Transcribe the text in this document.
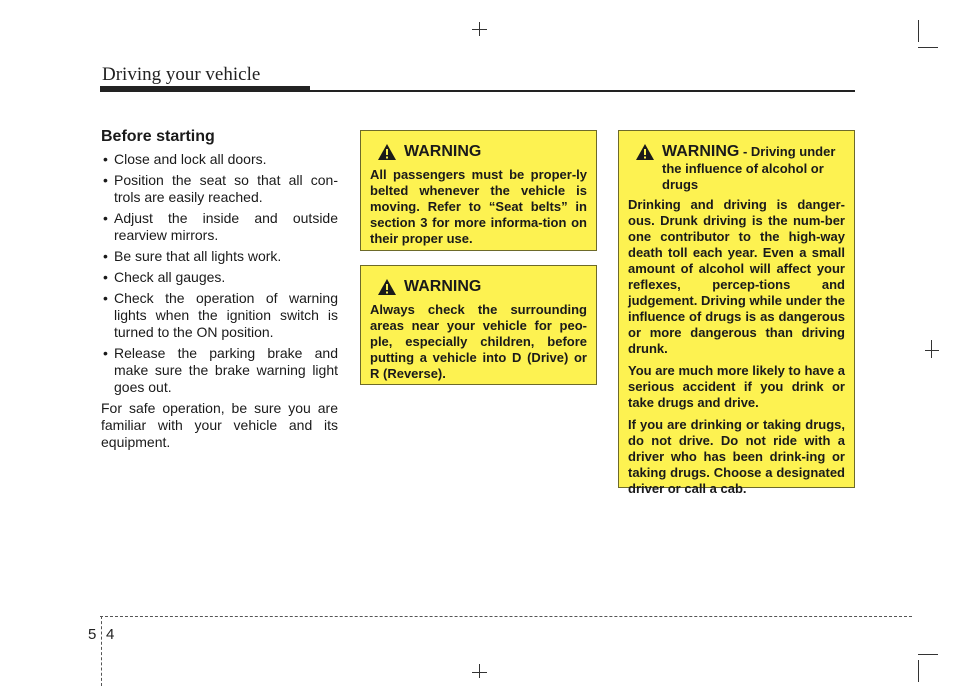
Driving your vehicle
Before starting
• Close and lock all doors.
• Position the seat so that all con-trols are easily reached.
• Adjust the inside and outside rearview mirrors.
• Be sure that all lights work.
• Check all gauges.
• Check the operation of warning lights when the ignition switch is turned to the ON position.
• Release the parking brake and make sure the brake warning light goes out.
For safe operation, be sure you are familiar with your vehicle and its equipment.
WARNING
All passengers must be proper-ly belted whenever the vehicle is moving. Refer to “Seat belts” in section 3 for more informa-tion on their proper use.
WARNING
Always check the surrounding areas near your vehicle for peo-ple, especially children, before putting a vehicle into D (Drive) or R (Reverse).
WARNING - Driving under
the influence of alcohol or drugs
Drinking and driving is danger-ous. Drunk driving is the num-ber one contributor to the high-way death toll each year. Even a small amount of alcohol will affect your reflexes, percep-tions and judgement. Driving while under the influence of drugs is as dangerous or more dangerous than driving drunk.
You are much more likely to have a serious accident if you drink or take drugs and drive.
If you are drinking or taking drugs, do not drive. Do not ride with a driver who has been drink-ing or taking drugs. Choose a designated driver or call a cab.
5 4
